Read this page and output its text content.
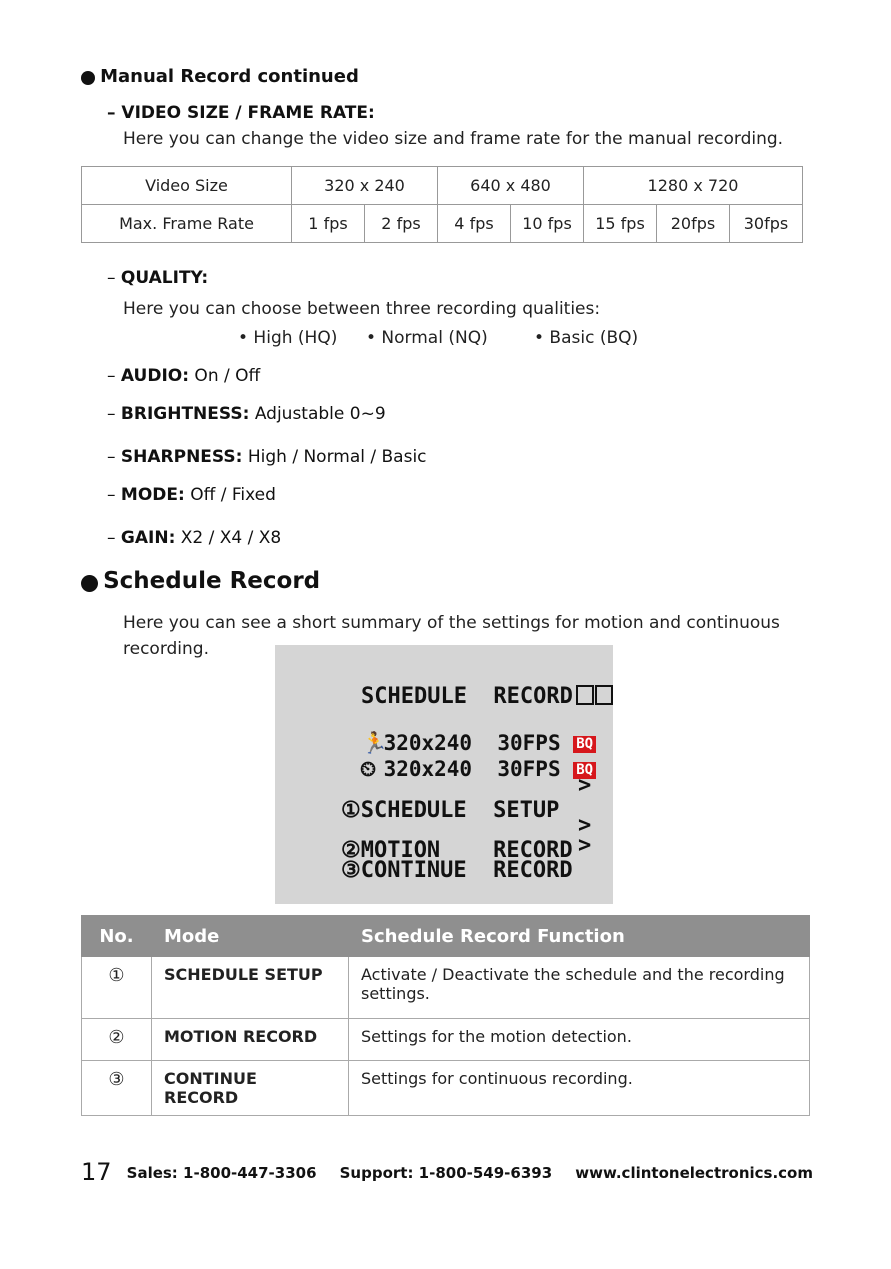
Manual Record continued
– VIDEO SIZE / FRAME RATE:
Here you can change the video size and frame rate for the manual recording.
Video Size	320 x 240		640 x 480		1280 x 720		
Max. Frame Rate	1 fps	2 fps	4 fps	10 fps	15 fps	20fps	30fps
– QUALITY:
Here you can choose between three recording qualities:
• High (HQ) • Normal (NQ)	• Basic (BQ)
– AUDIO: On / Off
– BRIGHTNESS: Adjustable 0~9
– SHARPNESS: High / Normal / Basic
– MODE: Off / Fixed
– GAIN: X2 / X4 / X8
Schedule Record
Here you can see a short summary of the settings for motion and continuous
recording.

SCHEDULE  RECORD

🏃320x240  30FPS BQ

⏲ 320x240  30FPS BQ

①SCHEDULE  SETUP

>

②MOTION    RECORD

>

③CONTINUE  RECORD

>
No.	Mode	Schedule Record Function
①	SCHEDULE SETUP	Activate / Deactivate the schedule and the recording settings.
②	MOTION RECORD	Settings for the motion detection.
③	CONTINUE RECORD	Settings for continuous recording.
17 Sales: 1-800-447-3306 Support: 1-800-549-6393 www.clintonelectronics.com
